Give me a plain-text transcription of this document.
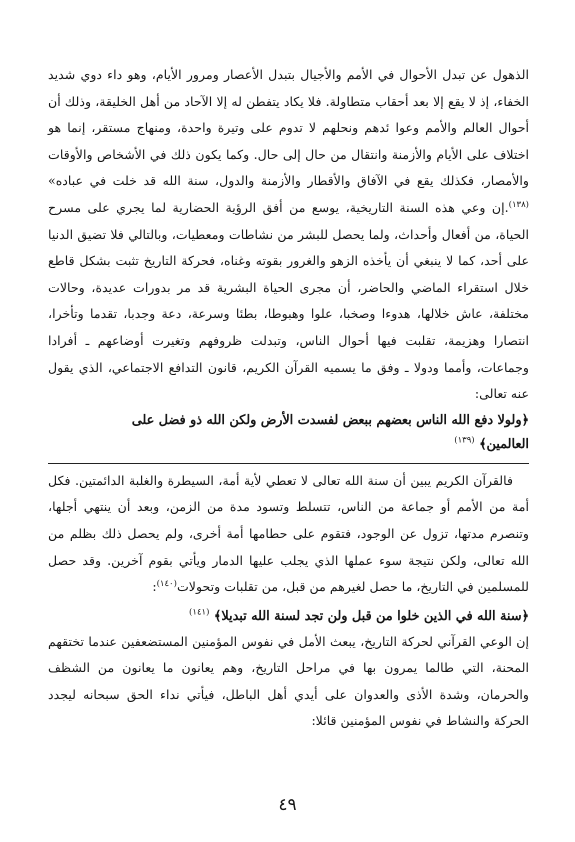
الذهول عن تبدل الأحوال في الأمم والأجيال بتبدل الأعصار ومرور الأيام، وهو داء دوي شديد الخفاء، إذ لا يقع إلا بعد أحقاب متطاولة. فلا يكاد يتفطن له إلا الآحاد من أهل الخليقة، وذلك أن أحوال العالم والأمم وعوا ئدهم ونحلهم لا تدوم على وتيرة واحدة، ومنهاج مستقر، إنما هو اختلاف على الأيام والأزمنة وانتقال من حال إلى حال. وكما يكون ذلك في الأشخاص والأوقات والأمصار، فكذلك يقع في الآفاق والأقطار والأزمنة والدول، سنة الله قد خلت في عباده» $^{(١٣٨)}$.إن وعي هذه السنة التاريخية، يوسع من أفق الرؤية الحضارية لما يجري على مسرح الحياة، من أفعال وأحداث، ولما يحصل للبشر من نشاطات ومعطيات، وبالتالي فلا تضيق الدنيا على أحد، كما لا ينبغي أن يأخذه الزهو والغرور بقوته وغناه، فحركة التاريخ تثبت بشكل قاطع خلال استقراء الماضي والحاضر، أن مجرى الحياة البشرية قد مر بدورات عديدة، وحالات مختلفة، عاش خلالها، هدوءا وصخبا، علوا وهبوطا، بطئا وسرعة، دعة وجدبا، تقدما وتأخرا، انتصارا وهزيمة، تقلبت فيها أحوال الناس، وتبدلت ظروفهم وتغيرت أوضاعهم ـ أفرادا وجماعات، وأمما ودولا ـ وفق ما يسميه القرآن الكريم، قانون التدافع الاجتماعي، الذي يقول عنه تعالى:

﴿ولولا دفع الله الناس بعضهم ببعض لفسدت الأرض ولكن الله ذو فضل على

العالمين﴾ $^{(١٣٩)}$

فالقرآن الكريم يبين أن سنة الله تعالى لا تعطي لأية أمة، السيطرة والغلبة الدائمتين. فكل أمة من الأمم أو جماعة من الناس، تتسلط وتسود مدة من الزمن، وبعد أن ينتهي أجلها، وتنصرم مدتها، تزول عن الوجود، فتقوم على حطامها أمة أخرى، ولم يحصل ذلك بظلم من الله تعالى، ولكن نتيجة سوء عملها الذي يجلب عليها الدمار ويأتي بقوم آخرين. وقد حصل للمسلمين في التاريخ، ما حصل لغيرهم من قبل، من تقلبات وتحولات$^{(١٤٠)}$:

﴿سنة الله في الذين خلوا من قبل ولن تجد لسنة الله تبديلا﴾ $^{(١٤١)}$

إن الوعي القرآني لحركة التاريخ، يبعث الأمل في نفوس المؤمنين المستضعفين عندما تختقهم المحنة، التي طالما يمرون بها في مراحل التاريخ، وهم يعانون ما يعانون من الشظف والحرمان، وشدة الأذى والعدوان على أيدي أهل الباطل، فيأتي نداء الحق سبحانه ليجدد الحركة والنشاط في نفوس المؤمنين قائلا:

٤٩
